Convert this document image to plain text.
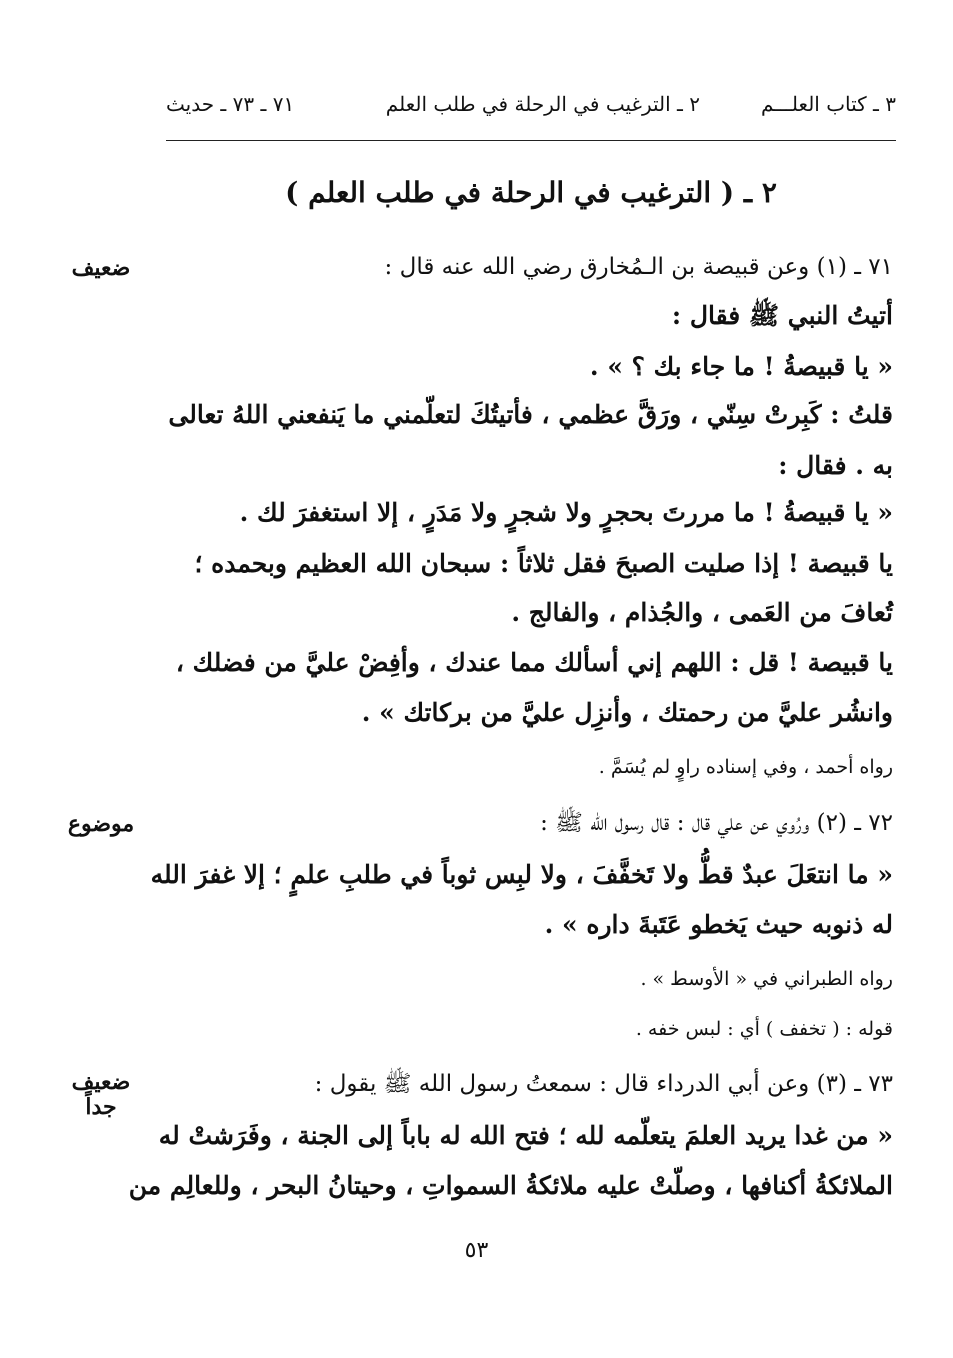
٣ ـ كتاب العلـــم
٢ ـ الترغيب في الرحلة في طلب العلم
٧١ ـ ٧٣ ـ حديث
٢ ـ ( الترغيب في الرحلة في طلب العلم )
ضعيف	٧١ ـ (١) وعن قبيصة بن الـمُخارق رضي الله عنه قال :
أتيتُ النبي ﷺ فقال :
« يا قبيصةُ ! ما جاء بك ؟ » .
قلتُ : كَبِرتْ سِنّي ، ورَقَّ عظمي ، فأتيتُكَ لتعلّمني ما يَنفعني اللهُ تعالى
به . فقال :
« يا قبيصةُ ! ما مررتَ بحجرٍ ولا شجرٍ ولا مَدَرٍ ، إلا استغفرَ لك .
يا قبيصة ! إذا صليت الصبحَ فقل ثلاثاً : سبحان الله العظيم وبحمده ؛
تُعافَ من العَمى ، والجُذام ، والفالج .
يا قبيصة ! قل : اللهم إني أسألك مما عندك ، وأفِضْ عليَّ من فضلك ،
وانشُر عليَّ من رحمتك ، وأنزِل عليَّ من بركاتك » .
رواه أحمد ، وفي إسناده راوٍ لم يُسَمَّ .
موضوع	٧٢ ـ (٢) ورُوي عن علي قال : قال رسول الله ﷺ :
« ما انتعَلَ عبدٌ قطُّ ولا تَخفَّفَ ، ولا لبِس ثوباً في طلبِ علمٍ ؛ إلا غفرَ الله
له ذنوبه حيث يَخطو عَتَبةَ داره » .
رواه الطبراني في « الأوسط » .
قوله : ( تخفف ) أي : لبس خفه .
ضعيف
جداً
٧٣ ـ (٣) وعن أبي الدرداء قال : سمعتُ رسول الله ﷺ يقول :
« من غدا يريد العلمَ يتعلّمه لله ؛ فتح الله له باباً إلى الجنة ، وفَرَشتْ له
الملائكةُ أكنافها ، وصلّتْ عليه ملائكةُ السمواتِ ، وحيتانُ البحر ، وللعالِم من
٥٣
